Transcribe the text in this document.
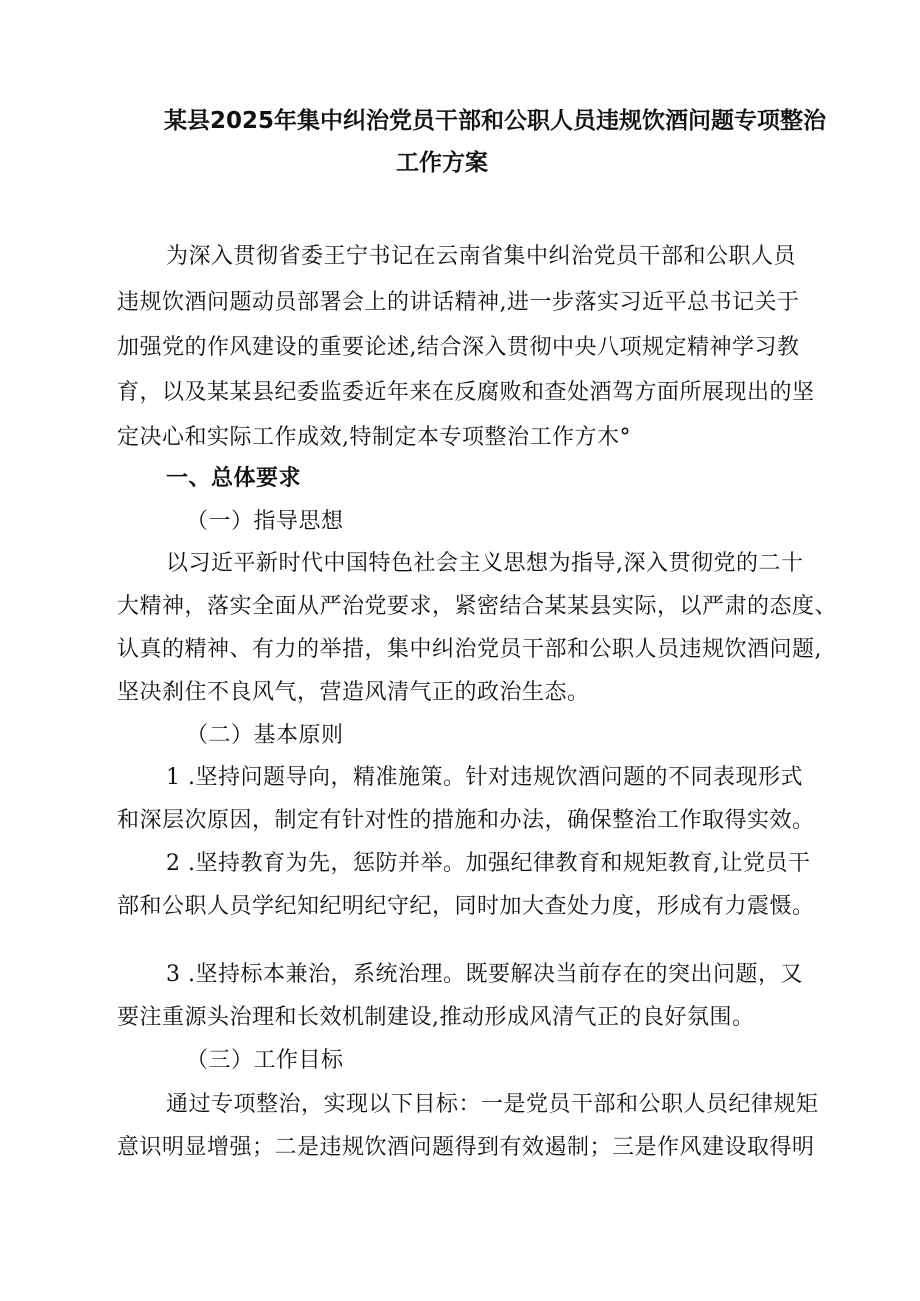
某县2025年集中纠治党员干部和公职人员违规饮酒问题专项整治
工作方案
为深入贯彻省委王宁书记在云南省集中纠治党员干部和公职人员
违规饮酒问题动员部署会上的讲话精神,进一步落实习近平总书记关于
加强党的作风建设的重要论述,结合深入贯彻中央八项规定精神学习教
育，以及某某县纪委监委近年来在反腐败和查处酒驾方面所展现出的坚
定决心和实际工作成效,特制定本专项整治工作方木°
一、总体要求
（一）指导思想
以习近平新时代中国特色社会主义思想为指导,深入贯彻党的二十
大精神，落实全面从严治党要求，紧密结合某某县实际，以严肃的态度、
认真的精神、有力的举措，集中纠治党员干部和公职人员违规饮酒问题,
坚决刹住不良风气，营造风清气正的政治生态。
（二）基本原则
1 .坚持问题导向，精准施策。针对违规饮酒问题的不同表现形式
和深层次原因，制定有针对性的措施和办法，确保整治工作取得实效。
2 .坚持教育为先，惩防并举。加强纪律教育和规矩教育,让党员干
部和公职人员学纪知纪明纪守纪，同时加大查处力度，形成有力震慑。
3 .坚持标本兼治，系统治理。既要解决当前存在的突出问题，又
要注重源头治理和长效机制建设,推动形成风清气正的良好氛围。
（三）工作目标
通过专项整治，实现以下目标：一是党员干部和公职人员纪律规矩
意识明显增强；二是违规饮酒问题得到有效遏制；三是作风建设取得明
